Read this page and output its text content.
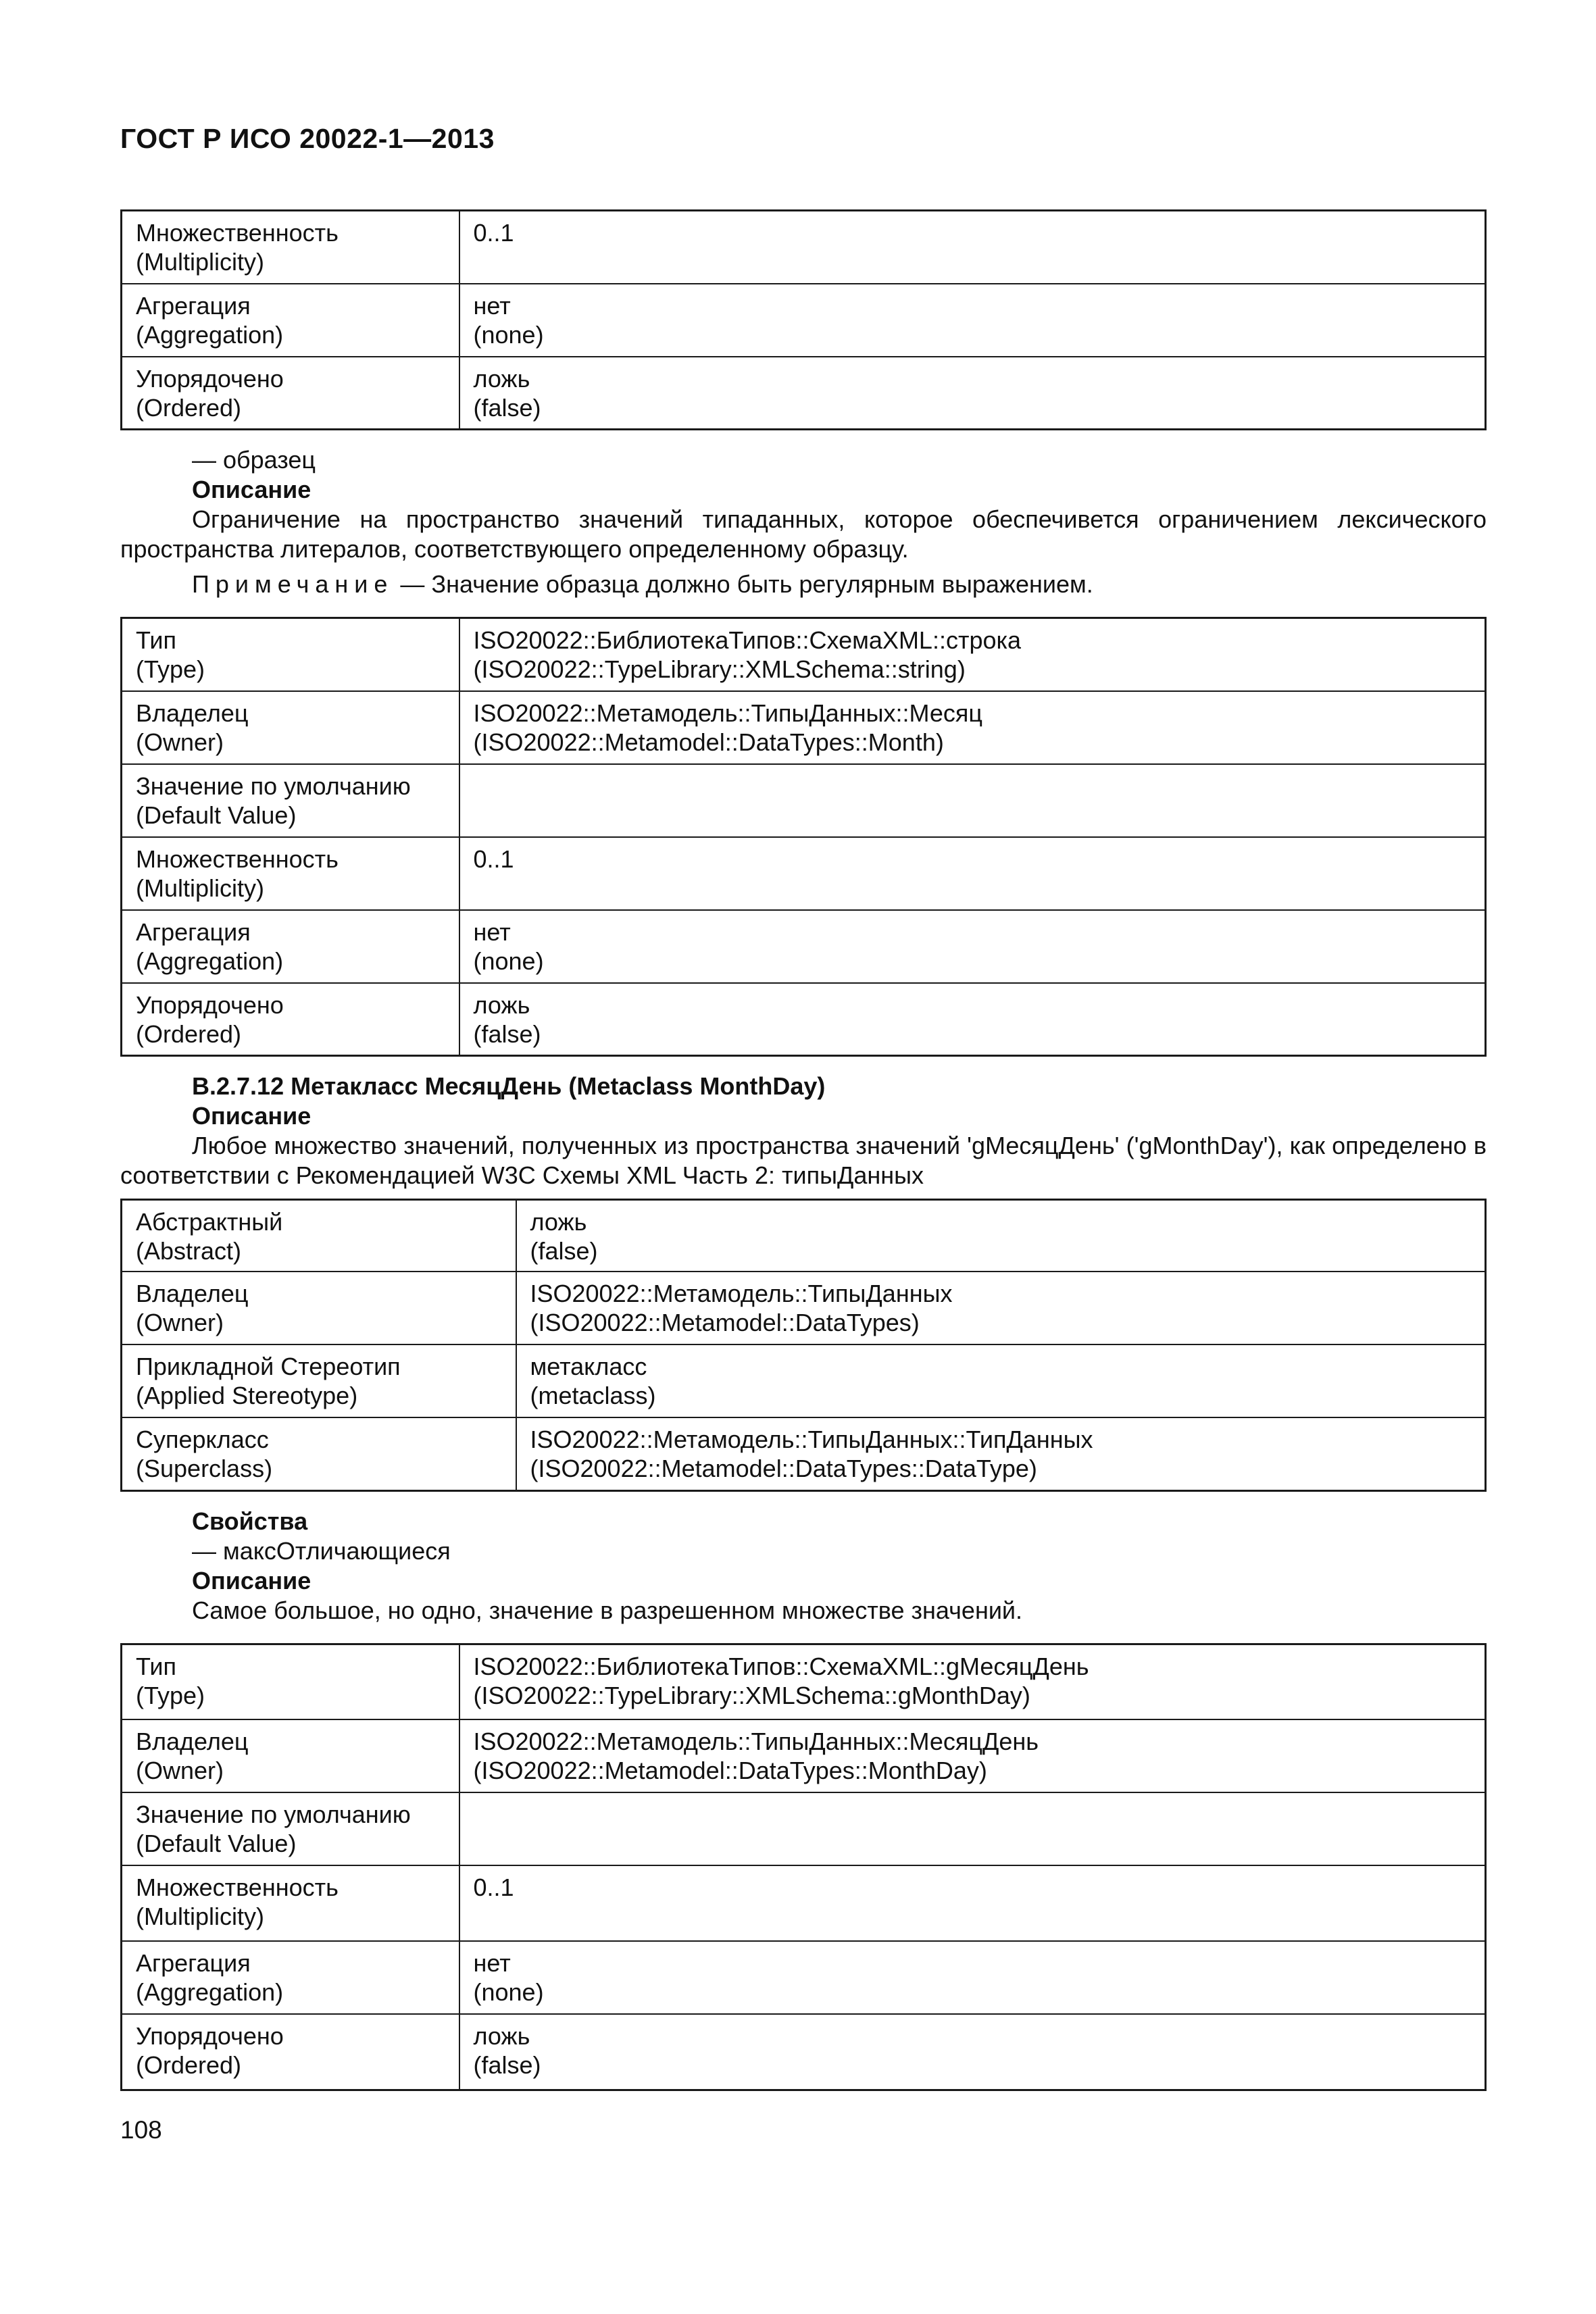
ГОСТ Р ИСО 20022-1—2013
Множественность
(Multiplicity)	0..1

Агрегация
(Aggregation)	нет
(none)

Упорядочено
(Ordered)	ложь
(false)
— образец
Описание
Ограничение на пространство значений типаданных, которое обеспечивется ограничением лексического пространства литералов, соответствующего определенному образцу.
Примечание — Значение образца должно быть регулярным выражением.
Тип
(Type)	ISO20022::БиблиотекаТипов::СхемаXML::строка
(ISO20022::TypeLibrary::XMLSchema::string)

Владелец
(Owner)	ISO20022::Метамодель::ТипыДанных::Месяц
(ISO20022::Metamodel::DataTypes::Month)

Значение по умолчанию
(Default Value)	

Множественность
(Multiplicity)	0..1

Агрегация
(Aggregation)	нет
(none)

Упорядочено
(Ordered)	ложь
(false)
B.2.7.12 Метакласс МесяцДень (Metaclass MonthDay)
Описание
Любое множество значений, полученных из пространства значений 'gМесяцДень' ('gMonthDay'), как определено в соответствии с Рекомендацией W3C Схемы XML Часть 2: типыДанных
Абстрактный
(Abstract)	ложь
(false)

Владелец
(Owner)	ISO20022::Метамодель::ТипыДанных
(ISO20022::Metamodel::DataTypes)

Прикладной Стереотип
(Applied Stereotype)	метакласс
(metaclass)

Суперкласс
(Superclass)	ISO20022::Метамодель::ТипыДанных::ТипДанных
(ISO20022::Metamodel::DataTypes::DataType)
Свойства
— максОтличающиеся
Описание
Самое большое, но одно, значение в разрешенном множестве значений.
Тип
(Type)	ISO20022::БиблиотекаТипов::СхемаXML::gМесяцДень
(ISO20022::TypeLibrary::XMLSchema::gMonthDay)

Владелец
(Owner)	ISO20022::Метамодель::ТипыДанных::МесяцДень
(ISO20022::Metamodel::DataTypes::MonthDay)

Значение по умолчанию
(Default Value)	

Множественность
(Multiplicity)	0..1

Агрегация
(Aggregation)	нет
(none)

Упорядочено
(Ordered)	ложь
(false)
108
